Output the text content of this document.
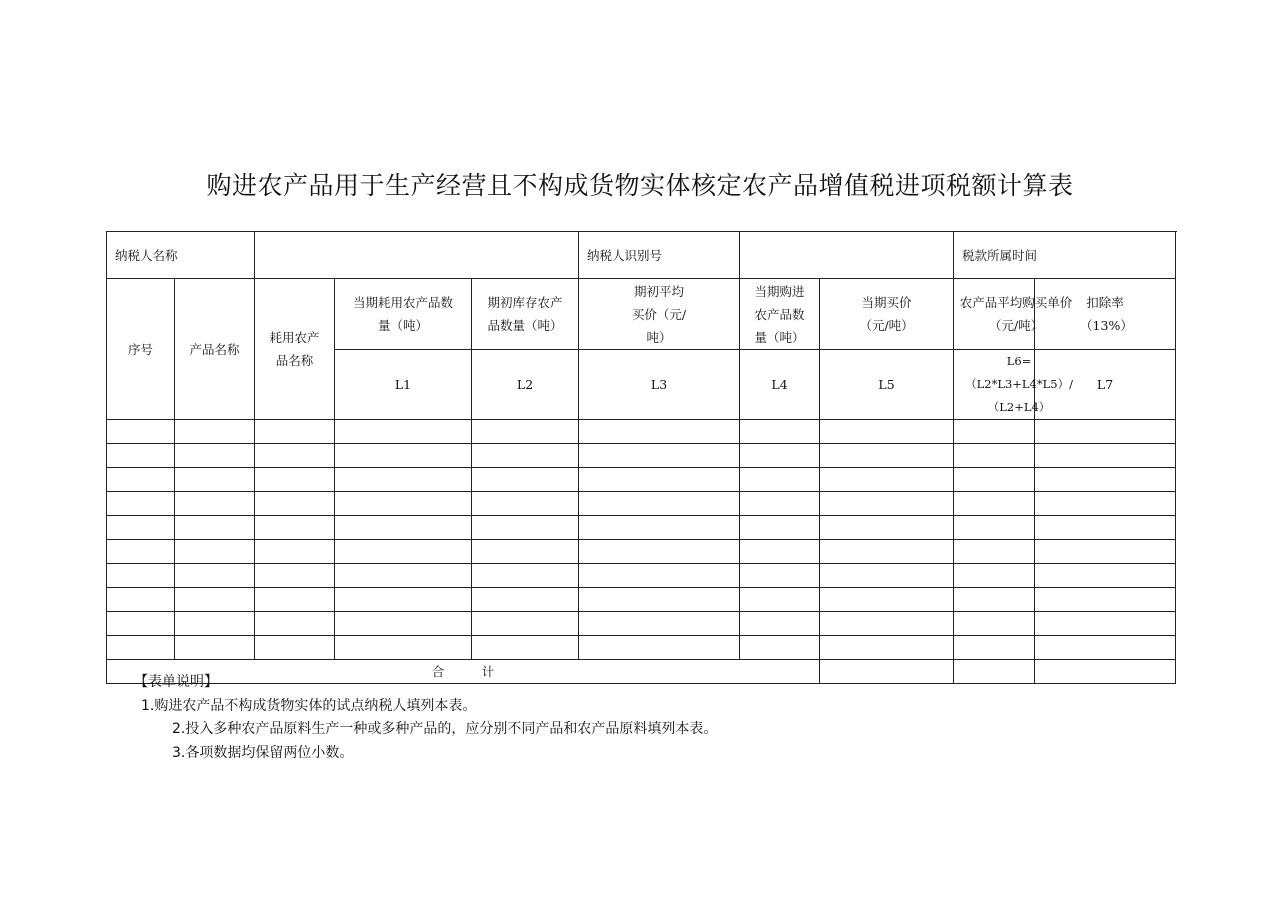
购进农产品用于生产经营且不构成货物实体核定农产品增值税进项税额计算表
纳税人名称					纳税人识别号			税款所属时间	
序号	产品名称	耗用农产品名称	当期耗用农产品数量（吨）	期初库存农产品数量（吨）	期初平均买价（元/吨）	当期购进农产品数量（吨）	当期买价（元/吨）	农产品平均购买单价（元/吨）	扣除率（13%）

			L1	L2	L3	L4	L5	L6=（L2*L3+L4*L5）/（L2+L4）	L7	

合　　　计										
【表单说明】
1.购进农产品不构成货物实体的试点纳税人填列本表。
2.投入多种农产品原料生产一种或多种产品的，应分别不同产品和农产品原料填列本表。
3.各项数据均保留两位小数。
